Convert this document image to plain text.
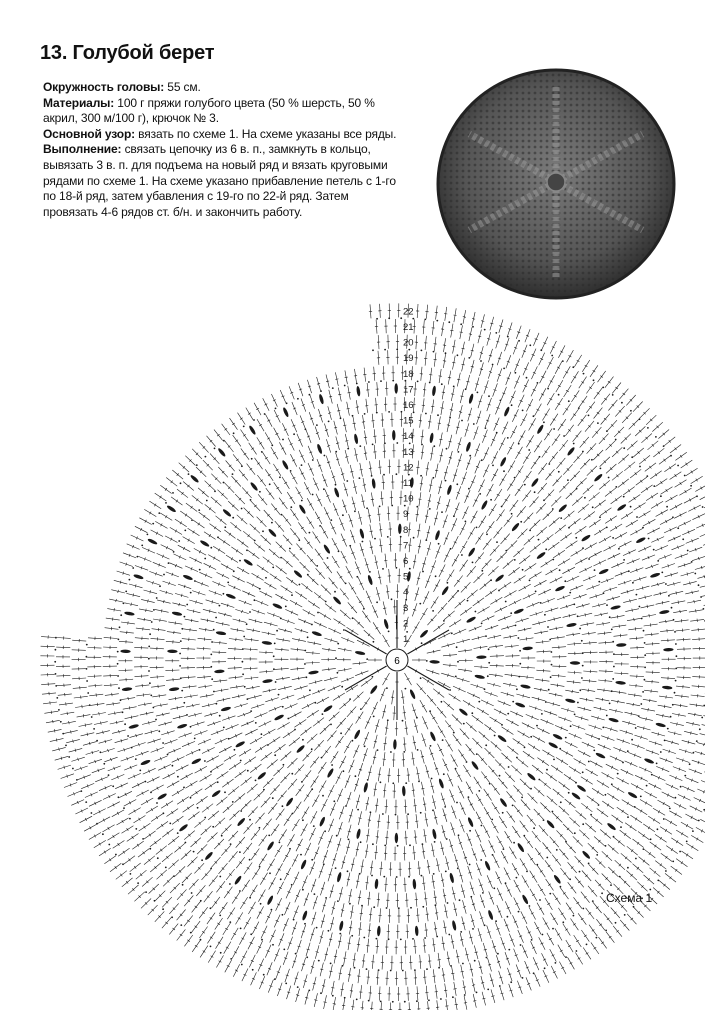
13. Голубой берет

Окружность головы: 55 см.

Материалы: 100 г пряжи голубого цвета (50 % шерсть, 50 % акрил, 300 м/100 г), крючок № 3.

Основной узор: вязать по схеме 1. На схеме указаны все ряды.

Выполнение: связать цепочку из 6 в. п., замкнуть в кольцо, вывязать 3 в. п. для подъема на новый ряд и вязать круговыми рядами по схеме 1. На схеме указано прибавление петель с 1-го по 18-й ряд, затем убавления с 19-го по 22-й ряд. Затем провязать 4-6 рядов ст. б/н. и закончить работу.

1
2
3
4
5
6
7
8
9
10
11
12
13
14
15
16
17
18
19
20
21
22
6
Схема 1
